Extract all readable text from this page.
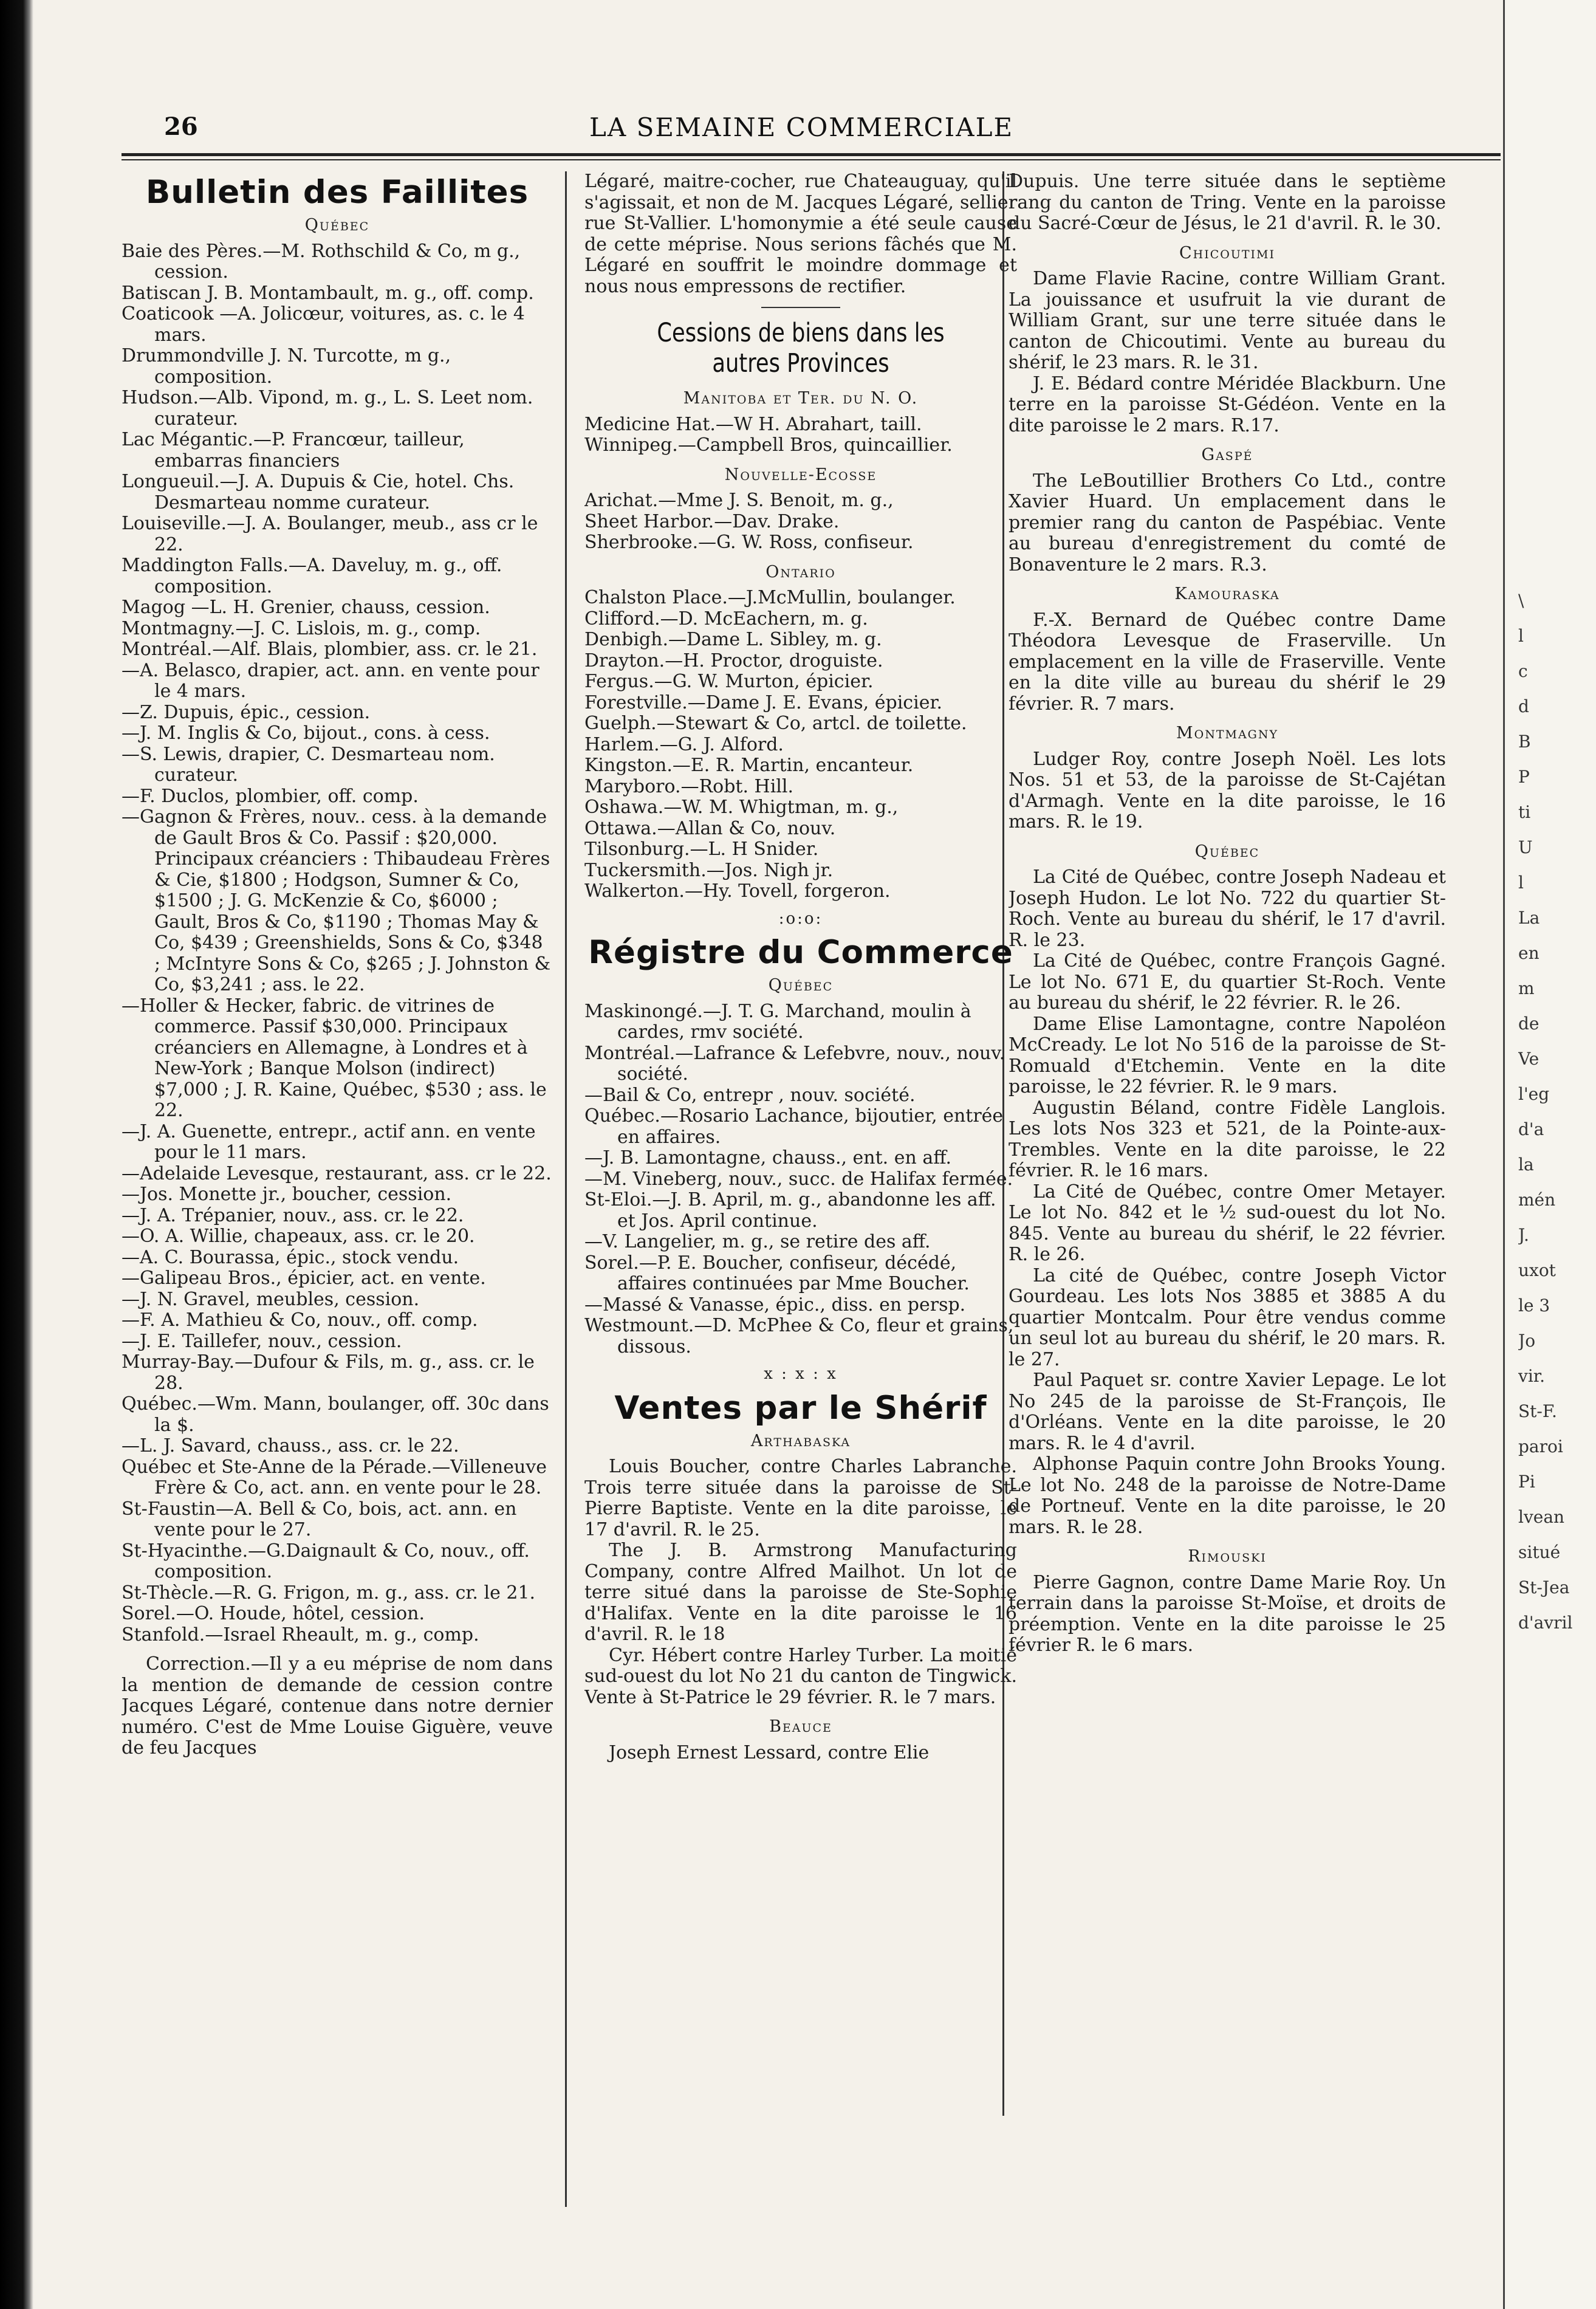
26	LA SEMAINE COMMERCIALE
Bulletin des Faillites
Québec

Baie des Pères.—M. Rothschild & Co, m g., cession.

Batiscan J. B. Montambault, m. g., off. comp.

Coaticook —A. Jolicœur, voitures, as. c. le 4 mars.

Drummondville J. N. Turcotte, m g., composition.

Hudson.—Alb. Vipond, m. g., L. S. Leet nom. curateur.

Lac Mégantic.—P. Francœur, tailleur, embarras financiers

Longueuil.—J. A. Dupuis & Cie, hotel. Chs. Desmarteau nomme curateur.

Louiseville.—J. A. Boulanger, meub., ass cr le 22.

Maddington Falls.—A. Daveluy, m. g., off. composition.

Magog —L. H. Grenier, chauss, cession.

Montmagny.—J. C. Lislois, m. g., comp.

Montréal.—Alf. Blais, plombier, ass. cr. le 21.

—A. Belasco, drapier, act. ann. en vente pour le 4 mars.

—Z. Dupuis, épic., cession.

—J. M. Inglis & Co, bijout., cons. à cess.

—S. Lewis, drapier, C. Desmarteau nom. curateur.

—F. Duclos, plombier, off. comp.

—Gagnon & Frères, nouv.. cess. à la demande de Gault Bros & Co. Passif : $20,000. Principaux créanciers : Thibaudeau Frères & Cie, $1800 ; Hodgson, Sumner & Co, $1500 ; J. G. McKenzie & Co, $6000 ; Gault, Bros & Co, $1190 ; Thomas May & Co, $439 ; Greenshields, Sons & Co, $348 ; McIntyre Sons & Co, $265 ; J. Johnston & Co, $3,241 ; ass. le 22.

—Holler & Hecker, fabric. de vitrines de commerce. Passif $30,000. Principaux créanciers en Allemagne, à Londres et à New-York ; Banque Molson (indirect) $7,000 ; J. R. Kaine, Québec, $530 ; ass. le 22.

—J. A. Guenette, entrepr., actif ann. en vente pour le 11 mars.

—Adelaide Levesque, restaurant, ass. cr le 22.

—Jos. Monette jr., boucher, cession.

—J. A. Trépanier, nouv., ass. cr. le 22.

—O. A. Willie, chapeaux, ass. cr. le 20.

—A. C. Bourassa, épic., stock vendu.

—Galipeau Bros., épicier, act. en vente.

—J. N. Gravel, meubles, cession.

—F. A. Mathieu & Co, nouv., off. comp.

—J. E. Taillefer, nouv., cession.

Murray-Bay.—Dufour & Fils, m. g., ass. cr. le 28.

Québec.—Wm. Mann, boulanger, off. 30c dans la $.

—L. J. Savard, chauss., ass. cr. le 22.

Québec et Ste-Anne de la Pérade.—Villeneuve Frère & Co, act. ann. en vente pour le 28.

St-Faustin—A. Bell & Co, bois, act. ann. en vente pour le 27.

St-Hyacinthe.—G.Daignault & Co, nouv., off. composition.

St-Thècle.—R. G. Frigon, m. g., ass. cr. le 21.

Sorel.—O. Houde, hôtel, cession.

Stanfold.—Israel Rheault, m. g., comp.

Correction.—Il y a eu méprise de nom dans la mention de demande de cession contre Jacques Légaré, contenue dans notre dernier numéro. C'est de Mme Louise Giguère, veuve de feu Jacques

Légaré, maitre-cocher, rue Chateauguay, qu'il s'agissait, et non de M. Jacques Légaré, sellier rue St-Vallier. L'homonymie a été seule cause de cette méprise. Nous serions fâchés que M. Légaré en souffrit le moindre dommage et nous nous empressons de rectifier.

Cessions de biens dans les autres Provinces
Manitoba et Ter. du N. O.

Medicine Hat.—W H. Abrahart, taill.

Winnipeg.—Campbell Bros, quincaillier.

Nouvelle-Ecosse

Arichat.—Mme J. S. Benoit, m. g.,

Sheet Harbor.—Dav. Drake.

Sherbrooke.—G. W. Ross, confiseur.

Ontario

Chalston Place.—J.McMullin, boulanger.

Clifford.—D. McEachern, m. g.

Denbigh.—Dame L. Sibley, m. g.

Drayton.—H. Proctor, droguiste.

Fergus.—G. W. Murton, épicier.

Forestville.—Dame J. E. Evans, épicier.

Guelph.—Stewart & Co, artcl. de toilette.

Harlem.—G. J. Alford.

Kingston.—E. R. Martin, encanteur.

Maryboro.—Robt. Hill.

Oshawa.—W. M. Whigtman, m. g.,

Ottawa.—Allan & Co, nouv.

Tilsonburg.—L. H Snider.

Tuckersmith.—Jos. Nigh jr.

Walkerton.—Hy. Tovell, forgeron.

:o:o:
Régistre du Commerce
Québec

Maskinongé.—J. T. G. Marchand, moulin à cardes, rmv société.

Montréal.—Lafrance & Lefebvre, nouv., nouv. société.

—Bail & Co, entrepr , nouv. société.

Québec.—Rosario Lachance, bijoutier, entrée en affaires.

—J. B. Lamontagne, chauss., ent. en aff.

—M. Vineberg, nouv., succ. de Halifax fermée.

St-Eloi.—J. B. April, m. g., abandonne les aff. et Jos. April continue.

—V. Langelier, m. g., se retire des aff.

Sorel.—P. E. Boucher, confiseur, décédé, affaires continuées par Mme Boucher.

—Massé & Vanasse, épic., diss. en persp.

Westmount.—D. McPhee & Co, fleur et grains, dissous.

x : x : x
Ventes par le Shérif
Arthabaska

Louis Boucher, contre Charles Labranche. Trois terre située dans la paroisse de St-Pierre Baptiste. Vente en la dite paroisse, le 17 d'avril. R. le 25.

The J. B. Armstrong Manufacturing Company, contre Alfred Mailhot. Un lot de terre situé dans la paroisse de Ste-Sophie d'Halifax. Vente en la dite paroisse le 16 d'avril. R. le 18

Cyr. Hébert contre Harley Turber. La moitié sud-ouest du lot No 21 du canton de Tingwick. Vente à St-Patrice le 29 février. R. le 7 mars.

Beauce

Joseph Ernest Lessard, contre Elie

Dupuis. Une terre située dans le septième rang du canton de Tring. Vente en la paroisse du Sacré-Cœur de Jésus, le 21 d'avril. R. le 30.

Chicoutimi

Dame Flavie Racine, contre William Grant. La jouissance et usufruit la vie durant de William Grant, sur une terre située dans le canton de Chicoutimi. Vente au bureau du shérif, le 23 mars. R. le 31.

J. E. Bédard contre Méridée Blackburn. Une terre en la paroisse St-Gédéon. Vente en la dite paroisse le 2 mars. R.17.

Gaspé

The LeBoutillier Brothers Co Ltd., contre Xavier Huard. Un emplacement dans le premier rang du canton de Paspébiac. Vente au bureau d'enregistrement du comté de Bonaventure le 2 mars. R.3.

Kamouraska

F.-X. Bernard de Québec contre Dame Théodora Levesque de Fraserville. Un emplacement en la ville de Fraserville. Vente en la dite ville au bureau du shérif le 29 février. R. 7 mars.

Montmagny

Ludger Roy, contre Joseph Noël. Les lots Nos. 51 et 53, de la paroisse de St-Cajétan d'Armagh. Vente en la dite paroisse, le 16 mars. R. le 19.

Québec

La Cité de Québec, contre Joseph Nadeau et Joseph Hudon. Le lot No. 722 du quartier St-Roch. Vente au bureau du shérif, le 17 d'avril. R. le 23.

La Cité de Québec, contre François Gagné. Le lot No. 671 E, du quartier St-Roch. Vente au bureau du shérif, le 22 février. R. le 26.

Dame Elise Lamontagne, contre Napoléon McCready. Le lot No 516 de la paroisse de St-Romuald d'Etchemin. Vente en la dite paroisse, le 22 février. R. le 9 mars.

Augustin Béland, contre Fidèle Langlois. Les lots Nos 323 et 521, de la Pointe-aux-Trembles. Vente en la dite paroisse, le 22 février. R. le 16 mars.

La Cité de Québec, contre Omer Metayer. Le lot No. 842 et le ½ sud-ouest du lot No. 845. Vente au bureau du shérif, le 22 février. R. le 26.

La cité de Québec, contre Joseph Victor Gourdeau. Les lots Nos 3885 et 3885 A du quartier Montcalm. Pour être vendus comme un seul lot au bureau du shérif, le 20 mars. R. le 27.

Paul Paquet sr. contre Xavier Lepage. Le lot No 245 de la paroisse de St-François, Ile d'Orléans. Vente en la dite paroisse, le 20 mars. R. le 4 d'avril.

Alphonse Paquin contre John Brooks Young. Le lot No. 248 de la paroisse de Notre-Dame de Portneuf. Vente en la dite paroisse, le 20 mars. R. le 28.

Rimouski

Pierre Gagnon, contre Dame Marie Roy. Un terrain dans la paroisse St-Moïse, et droits de préemption. Vente en la dite paroisse le 25 février R. le 6 mars.

\
l
c
d
B
P
ti
U
l
La
en
m
de
Ve
l'eg
d'a
la
mén
J.
uxot
le 3
Jo
vir.
St-F.
paroi
Pi
lvean
situé
St-Jea
d'avril
